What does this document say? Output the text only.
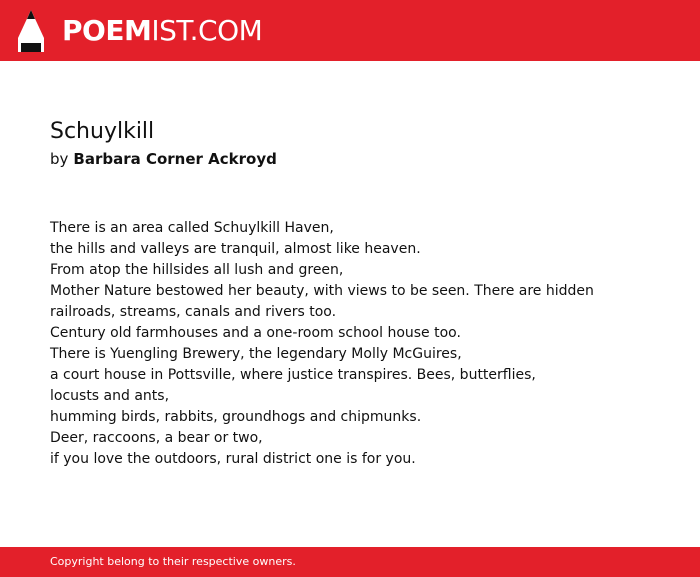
POEMIST.COM
Schuylkill
by Barbara Corner Ackroyd
There is an area called Schuylkill Haven,
the hills and valleys are tranquil, almost like heaven.
From atop the hillsides all lush and green,
Mother Nature bestowed her beauty, with views to be seen. There are hidden
railroads, streams, canals and rivers too.
Century old farmhouses and a one-room school house too.
There is Yuengling Brewery, the legendary Molly McGuires,
a court house in Pottsville, where justice transpires. Bees, butterflies,
locusts and ants,
humming birds, rabbits, groundhogs and chipmunks.
Deer, raccoons, a bear or two,
if you love the outdoors, rural district one is for you.
Copyright belong to their respective owners.
